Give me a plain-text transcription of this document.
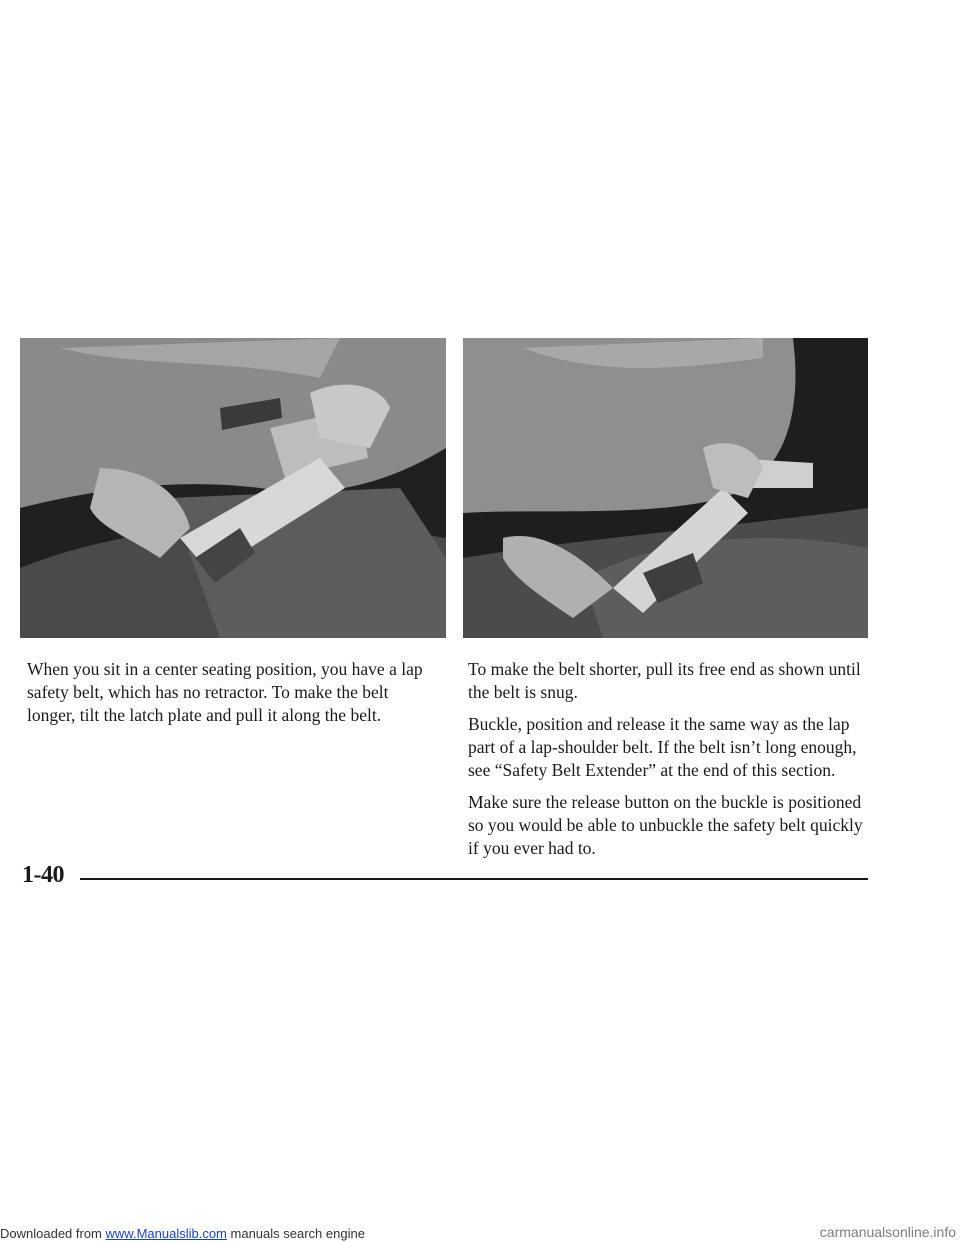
When you sit in a center seating position, you have a lap safety belt, which has no retractor. To make the belt longer, tilt the latch plate and pull it along the belt.

To make the belt shorter, pull its free end as shown until the belt is snug.

Buckle, position and release it the same way as the lap part of a lap-shoulder belt. If the belt isn’t long enough, see “Safety Belt Extender” at the end of this section.

Make sure the release button on the buckle is positioned so you would be able to unbuckle the safety belt quickly if you ever had to.

1-40
Downloaded from www.Manualslib.com manuals search engine	carmanualsonline.info
